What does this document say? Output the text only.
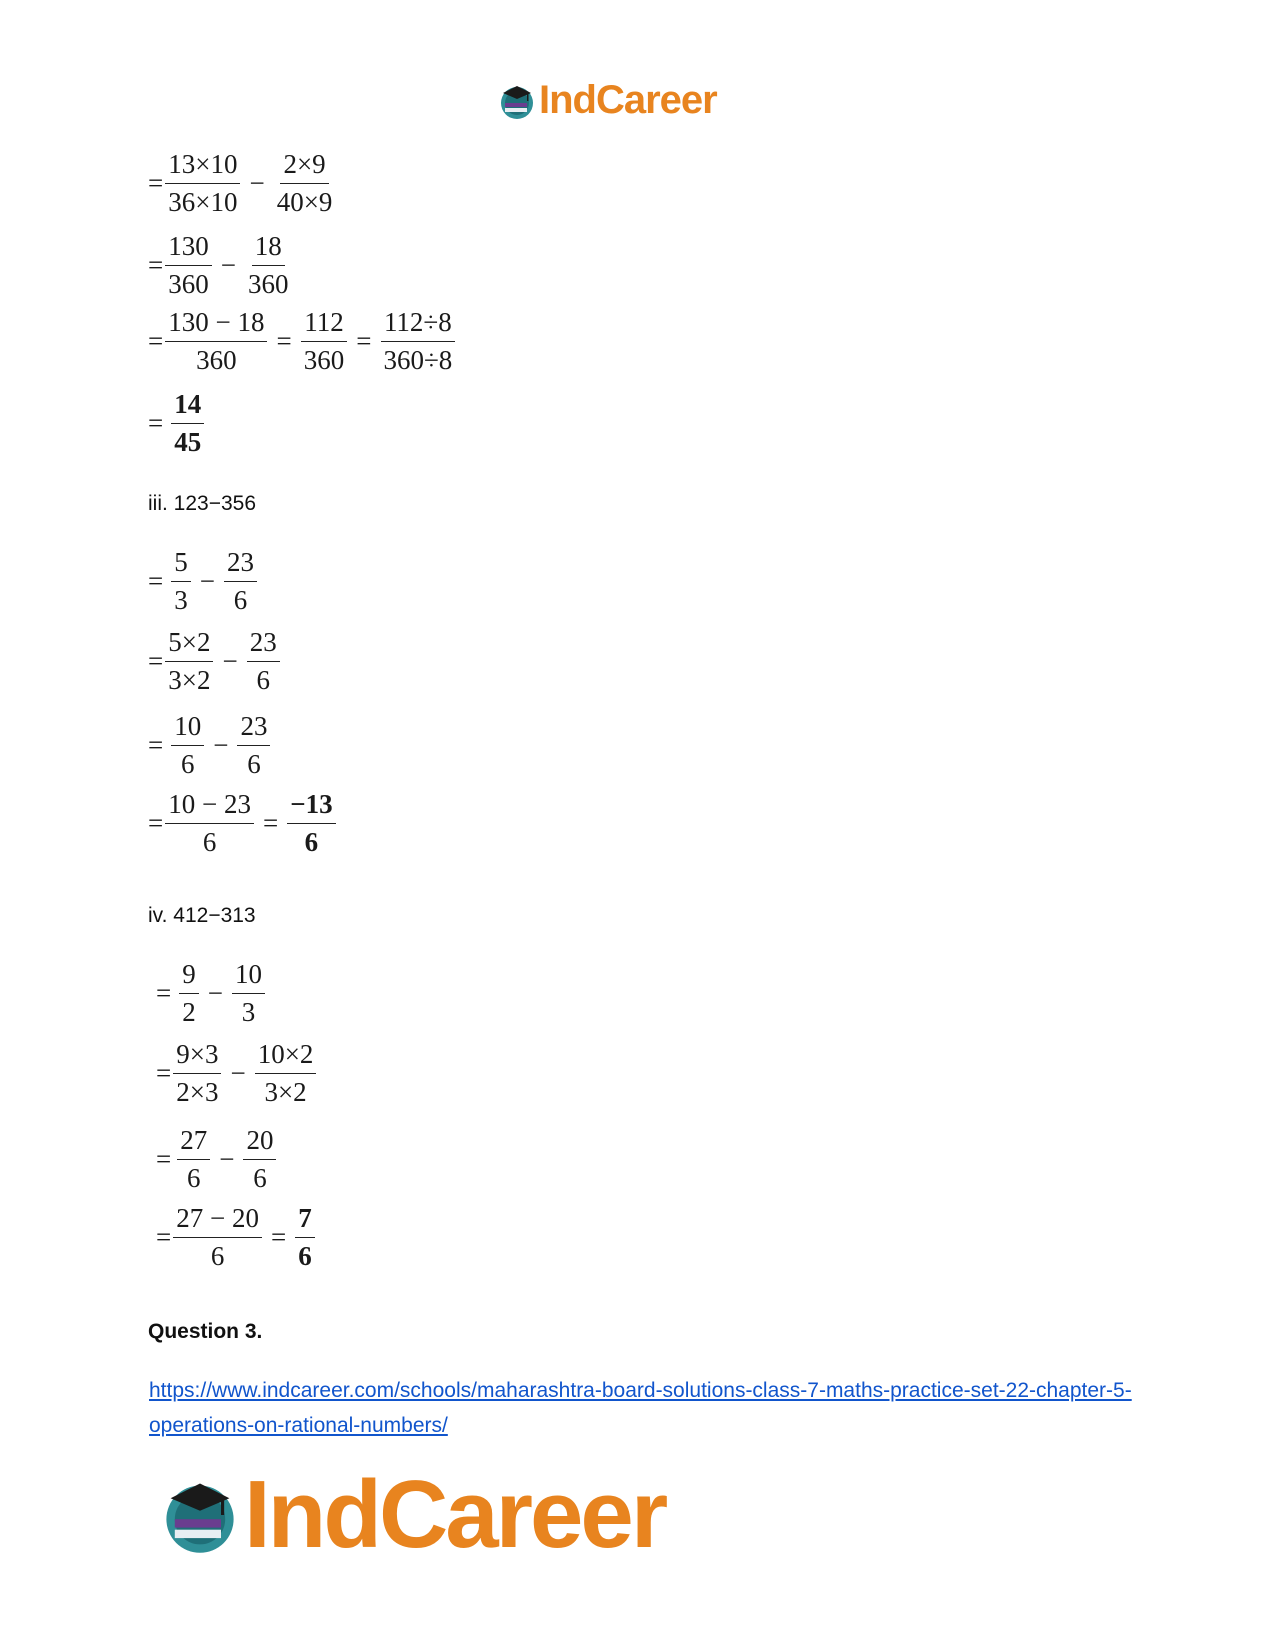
IndCareer
= $\frac{13\times 10}{36\times 10} - \frac{2\times 9}{40\times 9}$
= $\frac{130}{360} - \frac{18}{360}$
= $\frac{130 - 18}{360} = \frac{112}{360} = \frac{112\div 8}{360\div 8}$
= $\frac{14}{45}$
iii. 123−356
= $\frac{5}{3} - \frac{23}{6}$
= $\frac{5\times 2}{3\times 2} - \frac{23}{6}$
= $\frac{10}{6} - \frac{23}{6}$
= $\frac{10 - 23}{6} = \frac{-13}{6}$
iv. 412−313
= $\frac{9}{2} - \frac{10}{3}$
= $\frac{9\times 3}{2\times 3} - \frac{10\times 2}{3\times 2}$
= $\frac{27}{6} - \frac{20}{6}$
= $\frac{27 - 20}{6} = \frac{7}{6}$
Question 3.
https://www.indcareer.com/schools/maharashtra-board-solutions-class-7-maths-practice-set-22-chapter-5-operations-on-rational-numbers/
IndCareer
